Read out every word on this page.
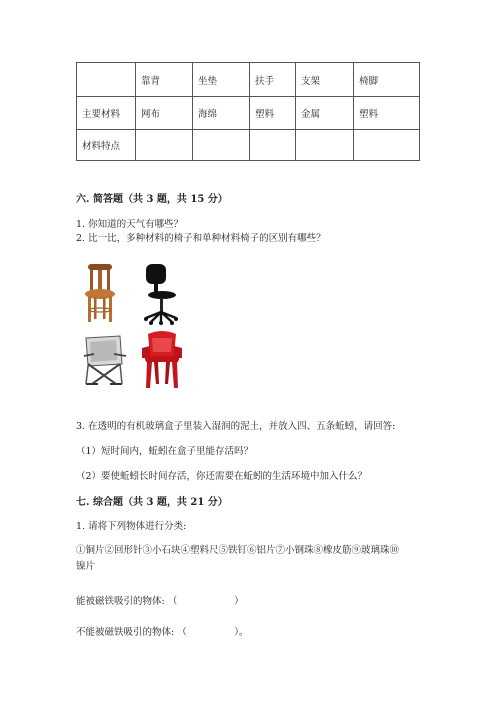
	靠背	坐垫	扶手	支架	椅脚
主要材料	网布	海绵	塑料	金属	塑料
材料特点					
六. 简答题（共 3 题，共 15 分）
1. 你知道的天气有哪些？
2. 比一比，多种材料的椅子和单种材料椅子的区别有哪些？
3. 在透明的有机玻璃盒子里装入湿润的泥土，并放入四、五条蚯蚓，请回答:
（1）短时间内，蚯蚓在盒子里能存活吗？
（2）要使蚯蚓长时间存活，你还需要在蚯蚓的生活环境中加入什么？
七. 综合题（共 3 题，共 21 分）
1. 请将下列物体进行分类:
①铜片②回形针③小石块④塑料尺⑤铁钉⑥铝片⑦小钢珠⑧橡皮筋⑨玻璃珠⑩
镍片
能被磁铁吸引的物体: （　　　　　　）
不能被磁铁吸引的物体: （　　　　　）。
